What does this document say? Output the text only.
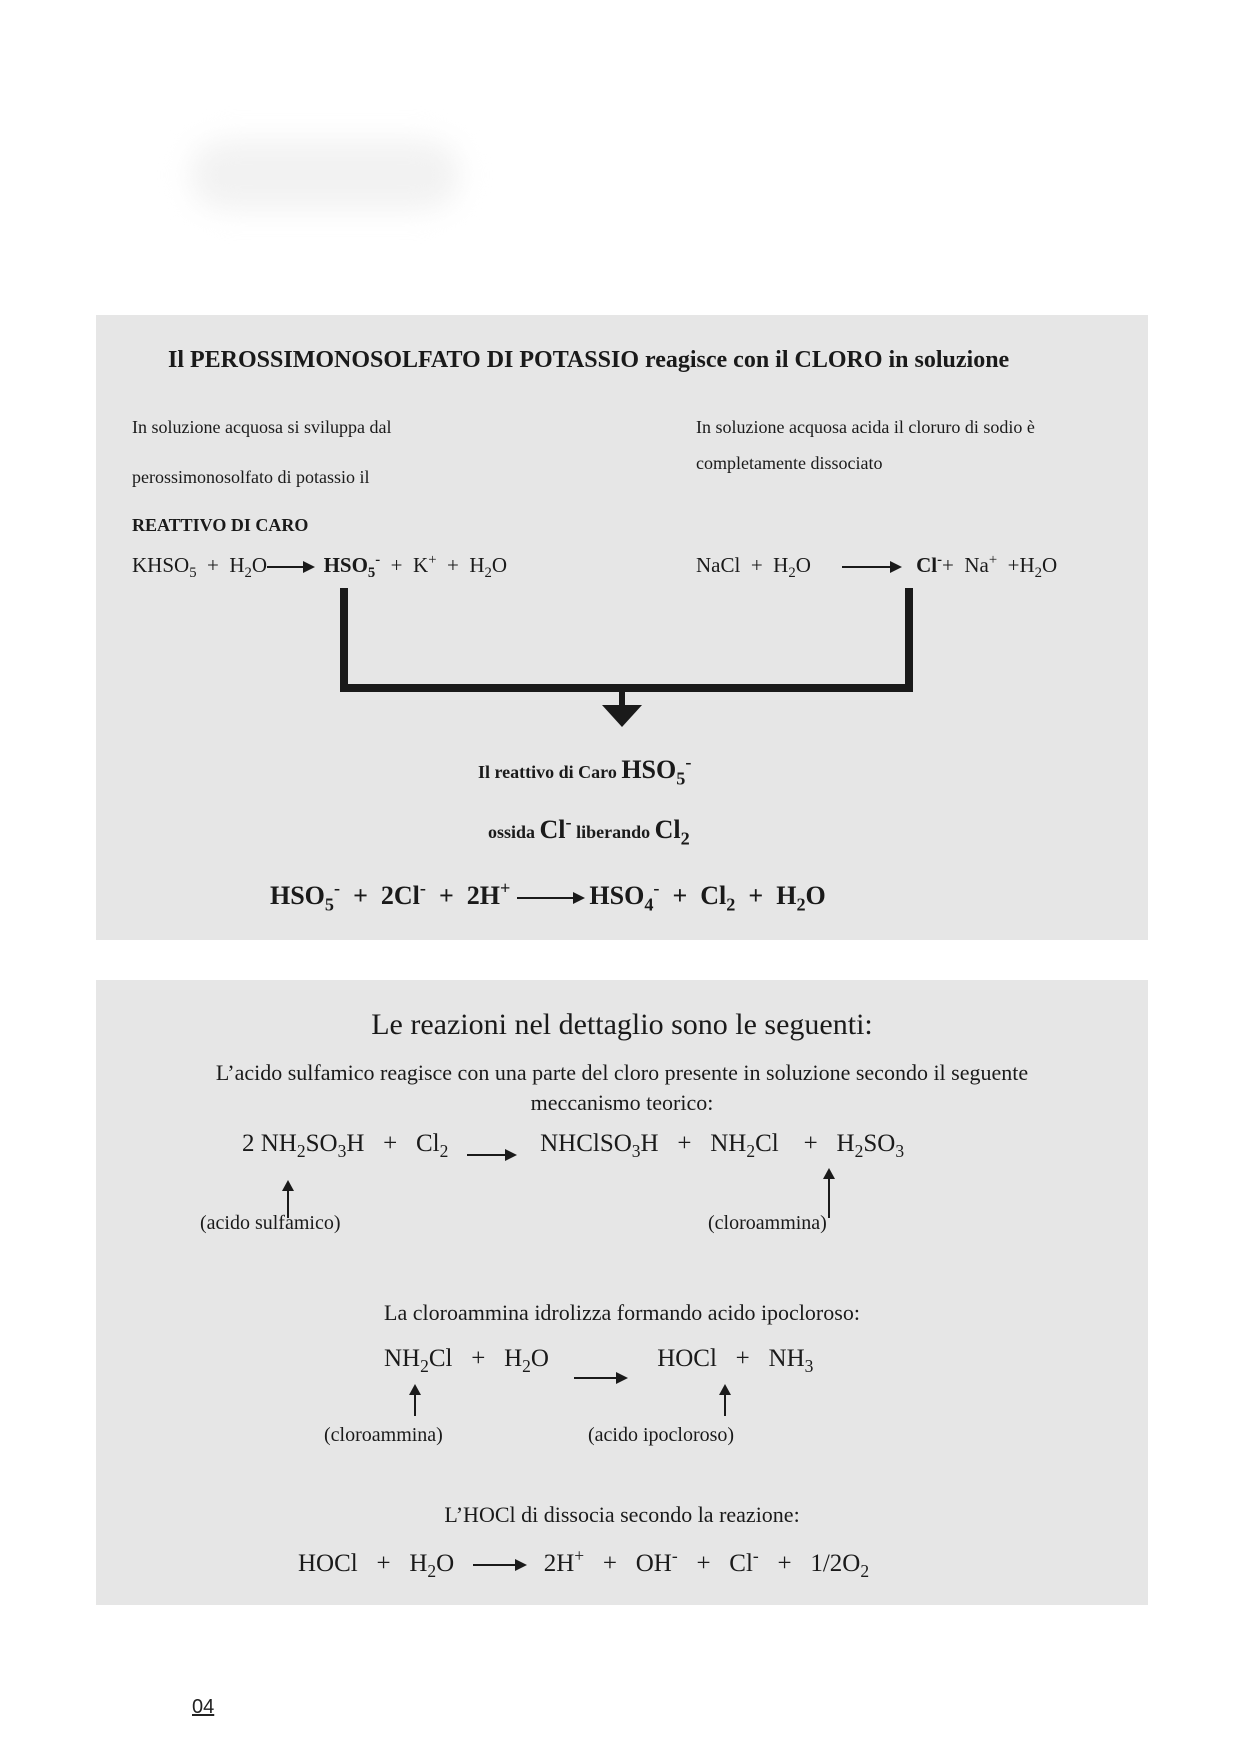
Il PEROSSIMONOSOLFATO DI POTASSIO reagisce con il CLORO in soluzione
In soluzione acquosa si sviluppa dal
perossimonosolfato di potassio il
REATTIVO DI CARO
In soluzione acquosa acida il cloruro di sodio è
completamente dissociato
$KHSO_5 + H_2O$	$HSO_5^- + K^+ + H_2O$	NaCl  +  $H_2O$	$Cl^-+ Na^+ +H_2O$
Il reattivo di Caro $HSO_5^-$
ossida Cl- liberando $Cl_2$
$HSO_5^- + 2Cl^- + 2H^+$	$HSO_4^- + Cl_2 + H_2O$
Le reazioni nel dettaglio sono le seguenti:
L’acido sulfamico reagisce con una parte del cloro presente in soluzione secondo il seguente
meccanismo teorico:
2 $NH_2SO_3H + Cl_2$	NHClSO$_3$H   +   $NH_2Cl$    +   $H_2SO_3$
(acido sulfamico)	(cloroammina)
La cloroammina idrolizza formando acido ipocloroso:
$NH_2Cl + H_2O$         HOCl   +   $NH_3$
(cloroammina)	(acido ipocloroso)
L’HOCl di dissocia secondo la reazione:
HOCl   +   $H_2O$      $2H^+ + OH^- + Cl^- + 1/2O_2$
04
